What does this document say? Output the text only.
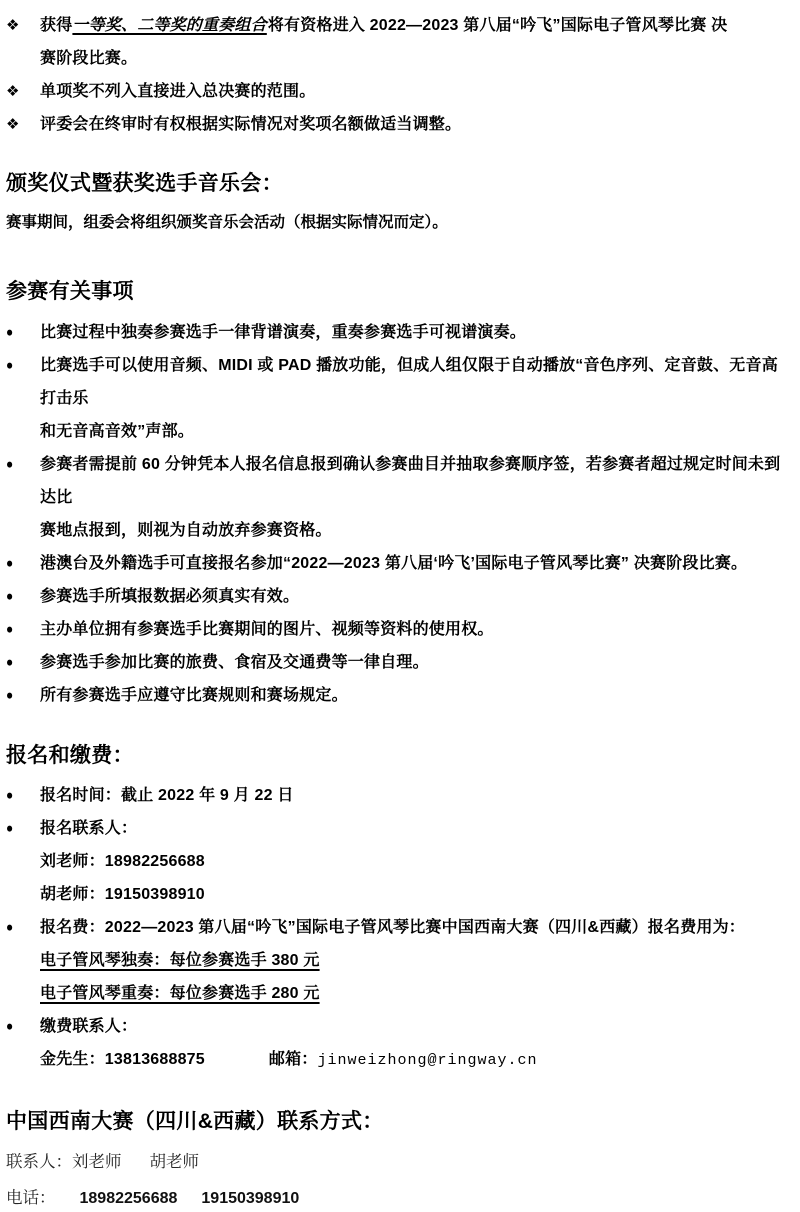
❖	获得一等奖、二等奖的重奏组合将有资格进入 2022—2023 第八届“吟飞”国际电子管风琴比赛 决
赛阶段比赛。
❖	单项奖不列入直接进入总决赛的范围。
❖	评委会在终审时有权根据实际情况对奖项名额做适当调整。
颁奖仪式暨获奖选手音乐会：

赛事期间，组委会将组织颁奖音乐会活动（根据实际情况而定）。

参赛有关事项
●	比赛过程中独奏参赛选手一律背谱演奏，重奏参赛选手可视谱演奏。
●	比赛选手可以使用音频、MIDI 或 PAD 播放功能，但成人组仅限于自动播放“音色序列、定音鼓、无音高打击乐
和无音高音效”声部。
●	参赛者需提前 60 分钟凭本人报名信息报到确认参赛曲目并抽取参赛顺序签，若参赛者超过规定时间未到达比
赛地点报到，则视为自动放弃参赛资格。
●	港澳台及外籍选手可直接报名参加“2022—2023 第八届‘吟飞’国际电子管风琴比赛” 决赛阶段比赛。
●	参赛选手所填报数据必须真实有效。
●	主办单位拥有参赛选手比赛期间的图片、视频等资料的使用权。
●	参赛选手参加比赛的旅费、食宿及交通费等一律自理。
●	所有参赛选手应遵守比赛规则和赛场规定。
报名和缴费：
●	报名时间：截止 2022 年 9 月 22 日
●	报名联系人：
刘老师：18982256688
胡老师：19150398910
●	报名费：2022—2023 第八届“吟飞”国际电子管风琴比赛中国西南大赛（四川&西藏）报名费用为：
电子管风琴独奏：每位参赛选手 380 元
电子管风琴重奏：每位参赛选手 280 元
●	缴费联系人：
金先生：13813688875	邮箱：jinweizhong@ringway.cn
中国西南大赛（四川&西藏）联系方式：

联系人：刘老师 胡老师

电话： 18982256688 19150398910
